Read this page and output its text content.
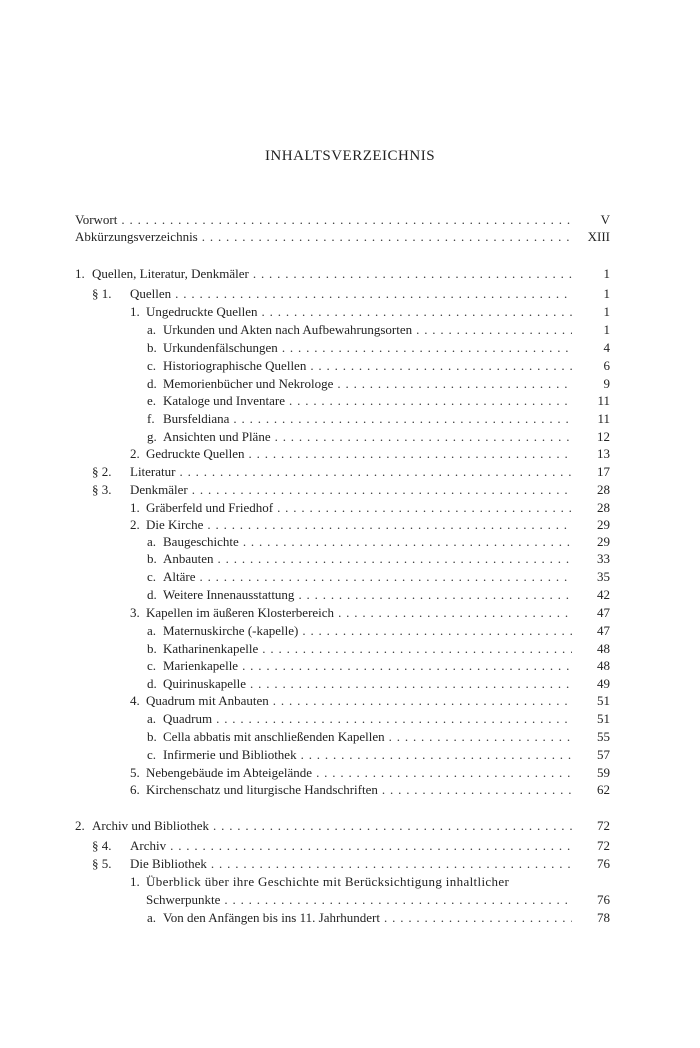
INHALTSVERZEICHNIS
Vorwort . . .	V
Abkürzungsverzeichnis . . .	XIII
1. Quellen, Literatur, Denkmäler . . .	1
§ 1.	Quellen . . .	1
1. Ungedruckte Quellen . . .	1
a. Urkunden und Akten nach Aufbewahrungsorten . . .	1
b. Urkundenfälschungen . . .	4
c. Historiographische Quellen . . .	6
d. Memorienbücher und Nekrologe . . .	9
e. Kataloge und Inventare . . .	11
f. Bursfeldiana . . .	11
g. Ansichten und Pläne . . .	12
2. Gedruckte Quellen . . .	13
§ 2.	Literatur . . .	17
§ 3.	Denkmäler . . .	28
1. Gräberfeld und Friedhof . . .	28
2. Die Kirche . . .	29
a. Baugeschichte . . .	29
b. Anbauten . . .	33
c. Altäre . . .	35
d. Weitere Innenausstattung . . .	42
3. Kapellen im äußeren Klosterbereich . . .	47
a. Maternuskirche (-kapelle) . . .	47
b. Katharinenkapelle . . .	48
c. Marienkapelle . . .	48
d. Quirinuskapelle . . .	49
4. Quadrum mit Anbauten . . .	51
a. Quadrum . . .	51
b. Cella abbatis mit anschließenden Kapellen . . .	55
c. Infirmerie und Bibliothek . . .	57
5. Nebengebäude im Abteigelände . . .	59
6. Kirchenschatz und liturgische Handschriften . . .	62
2. Archiv und Bibliothek . . .	72
§ 4.	Archiv . . .	72
§ 5.	Die Bibliothek . . .	76
1. Überblick über ihre Geschichte mit Berücksichtigung inhaltlicher
Schwerpunkte . . .	76
a. Von den Anfängen bis ins 11. Jahrhundert . . .	78
